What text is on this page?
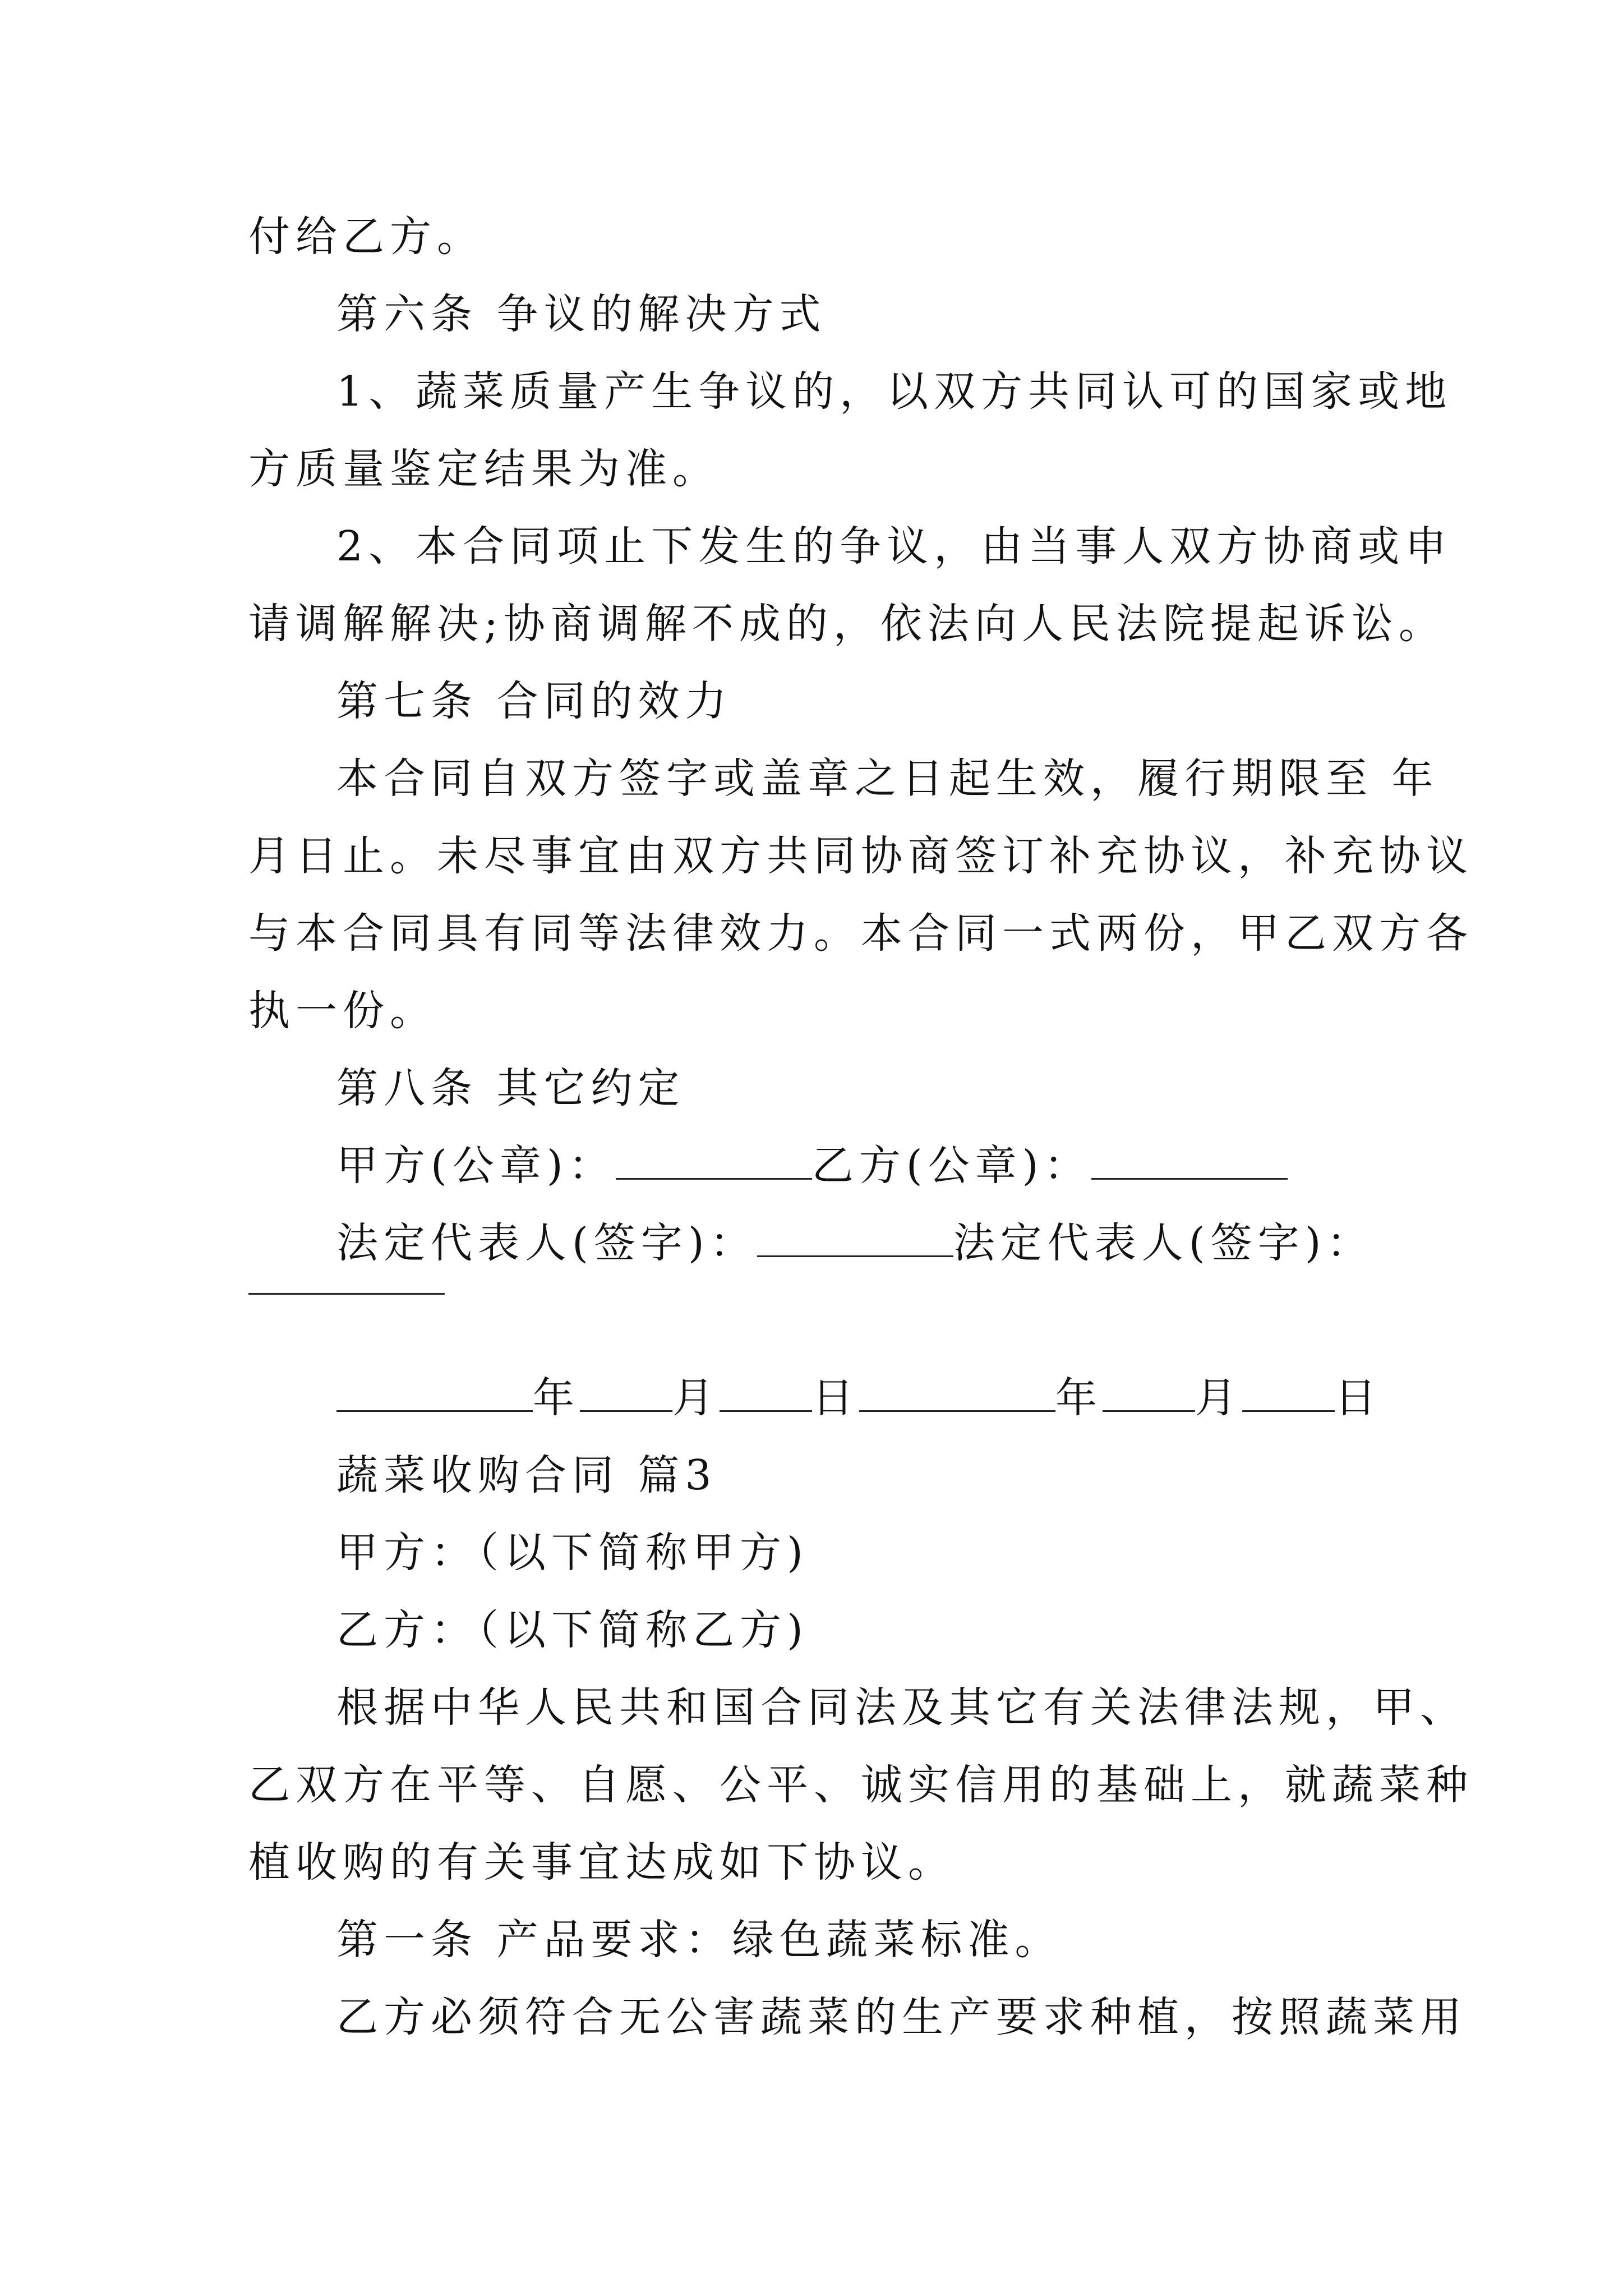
付给乙方。
第六条 争议的解决方式
1、蔬菜质量产生争议的，以双方共同认可的国家或地
方质量鉴定结果为准。
2、本合同项止下发生的争议，由当事人双方协商或申
请调解解决;协商调解不成的，依法向人民法院提起诉讼。
第七条 合同的效力
本合同自双方签字或盖章之日起生效，履行期限至 年
月日止。未尽事宜由双方共同协商签订补充协议，补充协议
与本合同具有同等法律效力。本合同一式两份，甲乙双方各
执一份。
第八条 其它约定
甲方(公章)：	乙方(公章)：
法定代表人(签字)：	法定代表人(签字)：
年 月 日	年 月 日
蔬菜收购合同 篇3
甲方：（以下简称甲方)
乙方：（以下简称乙方)
根据中华人民共和国合同法及其它有关法律法规，甲、
乙双方在平等、自愿、公平、诚实信用的基础上，就蔬菜种
植收购的有关事宜达成如下协议。
第一条 产品要求：绿色蔬菜标准。
乙方必须符合无公害蔬菜的生产要求种植，按照蔬菜用
